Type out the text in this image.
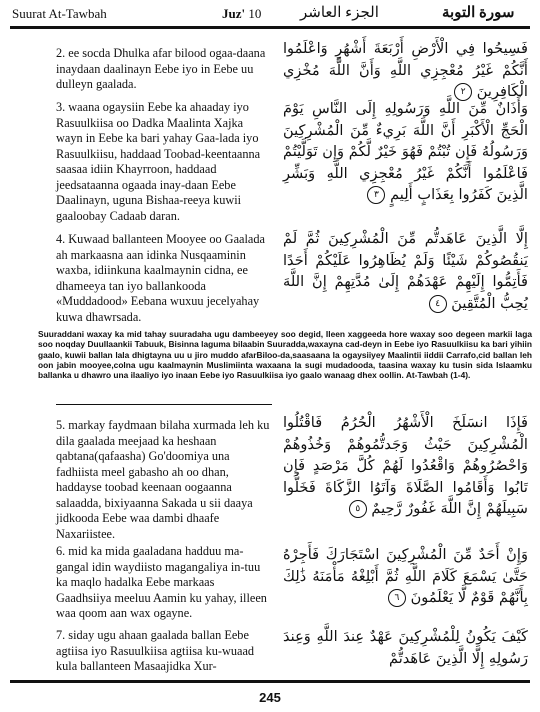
Suurat At-Tawbah	Juz' 10	الجزء العاشر	سورة التوبة

2. ee socda Dhulka afar bilood ogaa-daana inaydaan daalinayn Eebe iyo in Eebe uu dulleyn gaalada.

فَسِيحُوا فِي الْأَرْضِ أَرْبَعَةَ أَشْهُرٍ وَاعْلَمُوا أَنَّكُمْ غَيْرُ مُعْجِزِي اللَّهِ وَأَنَّ اللَّهَ مُخْزِي الْكَافِرِينَ ٢

3. waana ogaysiin Eebe ka ahaaday iyo Rasuulkiisa oo Dadka Maalinta Xajka wayn in Eebe ka bari yahay Gaa-lada iyo Rasuulkiisu, haddaad Toobad-keentaanna saasaa idiin Khayrroon, haddaad jeedsataanna ogaada inay-daan Eebe Daalinayn, uguna Bishaa-reeya kuwii gaaloobay Cadaab daran.

وَأَذَانٌ مِّنَ اللَّهِ وَرَسُولِهِ إِلَى النَّاسِ يَوْمَ الْحَجِّ الْأَكْبَرِ أَنَّ اللَّهَ بَرِيءٌ مِّنَ الْمُشْرِكِينَ وَرَسُولُهُ فَإِن تُبْتُمْ فَهُوَ خَيْرٌ لَّكُمْ وَإِن تَوَلَّيْتُمْ فَاعْلَمُوا أَنَّكُمْ غَيْرُ مُعْجِزِي اللَّهِ وَبَشِّرِ الَّذِينَ كَفَرُوا بِعَذَابٍ أَلِيمٍ ٣

4. Kuwaad ballanteen Mooyee oo Gaalada ah markaasna aan idinka Nusqaaminin waxba, idiinkuna kaalmaynin cidna, ee dhameeya tan iyo ballankooda «Muddadood» Eebana wuxuu jecelyahay kuwa dhawrsada.

إِلَّا الَّذِينَ عَاهَدتُّم مِّنَ الْمُشْرِكِينَ ثُمَّ لَمْ يَنقُصُوكُمْ شَيْئًا وَلَمْ يُظَاهِرُوا عَلَيْكُمْ أَحَدًا فَأَتِمُّوا إِلَيْهِمْ عَهْدَهُمْ إِلَىٰ مُدَّتِهِمْ إِنَّ اللَّهَ يُحِبُّ الْمُتَّقِينَ ٤

Suuraddani waxay ka mid tahay suuradaha ugu dambeeyey soo degid, Ileen xaggeeda hore waxay soo degeen markii laga soo noqday Duullaankii Tabuuk, Bisinna laguma bilaabin Suuradda,waxayna cad-deyn in Eebe iyo Rasuulkiisu ka bari yihiin gaalo, kuwii ballan lala dhigtayna uu u jiro muddo afarBiloo-da,saasaana la ogaysiiyey Maalintii iiddii Carrafo,cid ballan leh oon jabin mooyee,colna ugu kaalmaynin Muslimiinta waxaana la sugi mudadooda, taasina waxay ku tusin sida Islaamku ballanka u dhawro una ilaaliyo iyo inaan Eebe iyo Rasuulkiisa iyo gaalo wanaag dhex oollin. At-Tawbah (1-4).

5. markay faydmaan bilaha xurmada leh ku dila gaalada meejaad ka heshaan qabtana(qafaasha) Go'doomiya una fadhiista meel gabasho ah oo dhan, haddayse toobad keenaan oogaanna salaadda, bixiyaanna Sakada u sii daaya jidkooda Eebe waa dambi dhaafe Naxariistee.

فَإِذَا انسَلَخَ الْأَشْهُرُ الْحُرُمُ فَاقْتُلُوا الْمُشْرِكِينَ حَيْثُ وَجَدتُّمُوهُمْ وَخُذُوهُمْ وَاحْصُرُوهُمْ وَاقْعُدُوا لَهُمْ كُلَّ مَرْصَدٍ فَإِن تَابُوا وَأَقَامُوا الصَّلَاةَ وَآتَوُا الزَّكَاةَ فَخَلُّوا سَبِيلَهُمْ إِنَّ اللَّهَ غَفُورٌ رَّحِيمٌ ٥

6. mid ka mida gaaladana hadduu ma-gangal idin waydiisto magangaliya in-tuu ka maqlo hadalka Eebe markaas Gaadhsiiya meeluu Aamin ku yahay, illeen waa qoom aan wax ogayne.

وَإِنْ أَحَدٌ مِّنَ الْمُشْرِكِينَ اسْتَجَارَكَ فَأَجِرْهُ حَتَّىٰ يَسْمَعَ كَلَامَ اللَّهِ ثُمَّ أَبْلِغْهُ مَأْمَنَهُ ذَٰلِكَ بِأَنَّهُمْ قَوْمٌ لَّا يَعْلَمُونَ ٦

7. siday ugu ahaan gaalada ballan Eebe agtiisa iyo Rasuulkiisa agtiisa ku-wuaad kula ballanteen Masaajidka Xur-

كَيْفَ يَكُونُ لِلْمُشْرِكِينَ عَهْدٌ عِندَ اللَّهِ وَعِندَ رَسُولِهِ إِلَّا الَّذِينَ عَاهَدتُّمْ

245
